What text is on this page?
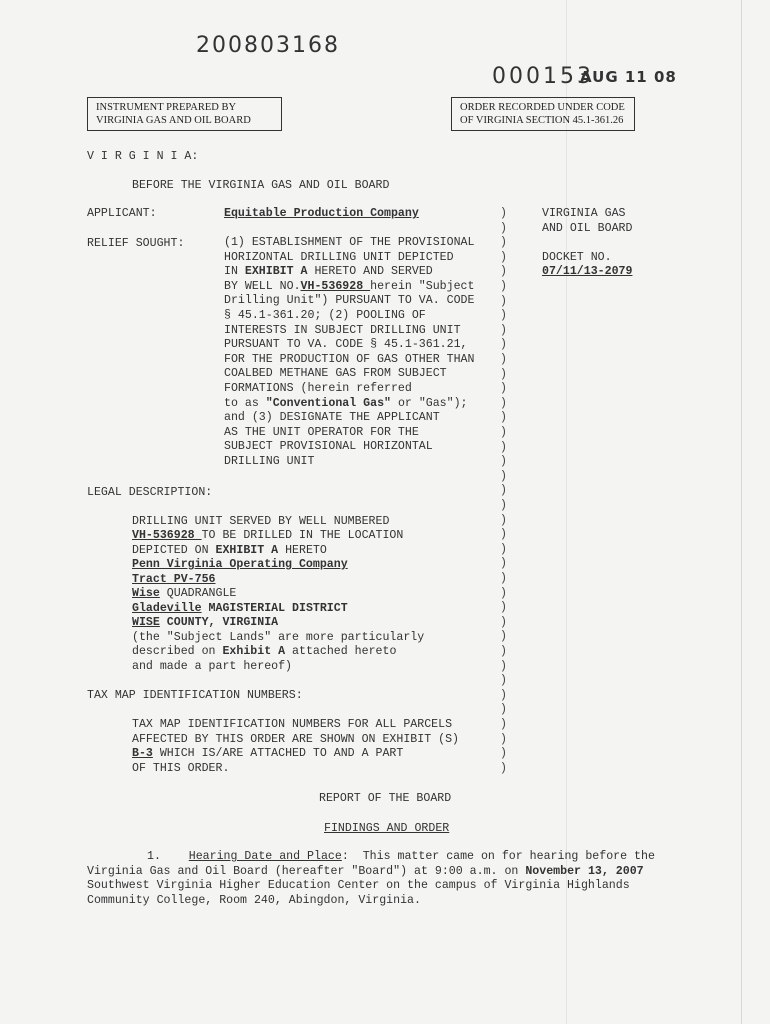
200803168
000153
AUG 11 08
INSTRUMENT PREPARED BY
VIRGINIA GAS AND OIL BOARD
ORDER RECORDED UNDER CODE
OF VIRGINIA SECTION 45.1-361.26
V I R G I N I A:
BEFORE THE VIRGINIA GAS AND OIL BOARD
APPLICANT:	Equitable Production Company
RELIEF SOUGHT:	(1) ESTABLISHMENT OF THE PROVISIONAL
HORIZONTAL DRILLING UNIT DEPICTED
IN EXHIBIT A HERETO AND SERVED
BY WELL NO.VH-536928 herein "Subject
Drilling Unit") PURSUANT TO VA. CODE
§ 45.1-361.20; (2) POOLING OF
INTERESTS IN SUBJECT DRILLING UNIT
PURSUANT TO VA. CODE § 45.1-361.21,
FOR THE PRODUCTION OF GAS OTHER THAN
COALBED METHANE GAS FROM SUBJECT
FORMATIONS (herein referred
to as "Conventional Gas" or "Gas");
and (3) DESIGNATE THE APPLICANT
AS THE UNIT OPERATOR FOR THE
SUBJECT PROVISIONAL HORIZONTAL
DRILLING UNIT
VIRGINIA GAS
AND OIL BOARD
DOCKET NO.
07/11/13-2079
LEGAL DESCRIPTION:
DRILLING UNIT SERVED BY WELL NUMBERED
VH-536928 TO BE DRILLED IN THE LOCATION
DEPICTED ON EXHIBIT A HERETO
Penn Virginia Operating Company
Tract PV-756
Wise QUADRANGLE
Gladeville MAGISTERIAL DISTRICT
WISE COUNTY, VIRGINIA
(the "Subject Lands" are more particularly
described on Exhibit A attached hereto
and made a part hereof)
TAX MAP IDENTIFICATION NUMBERS:
TAX MAP IDENTIFICATION NUMBERS FOR ALL PARCELS
AFFECTED BY THIS ORDER ARE SHOWN ON EXHIBIT (S)
B-3 WHICH IS/ARE ATTACHED TO AND A PART
OF THIS ORDER.
)
)
)
)
)
)
)
)
)
)
)
)
)
)
)
)
)
)
)
)
)
)
)
)
)
)
)
)
)
)
)
)
)
)
)
)
)
)
)
REPORT OF THE BOARD
FINDINGS AND ORDER
1. Hearing Date and Place:  This matter came on for hearing before the
Virginia Gas and Oil Board (hereafter "Board") at 9:00 a.m. on November 13, 2007
Southwest Virginia Higher Education Center on the campus of Virginia Highlands
Community College, Room 240, Abingdon, Virginia.
